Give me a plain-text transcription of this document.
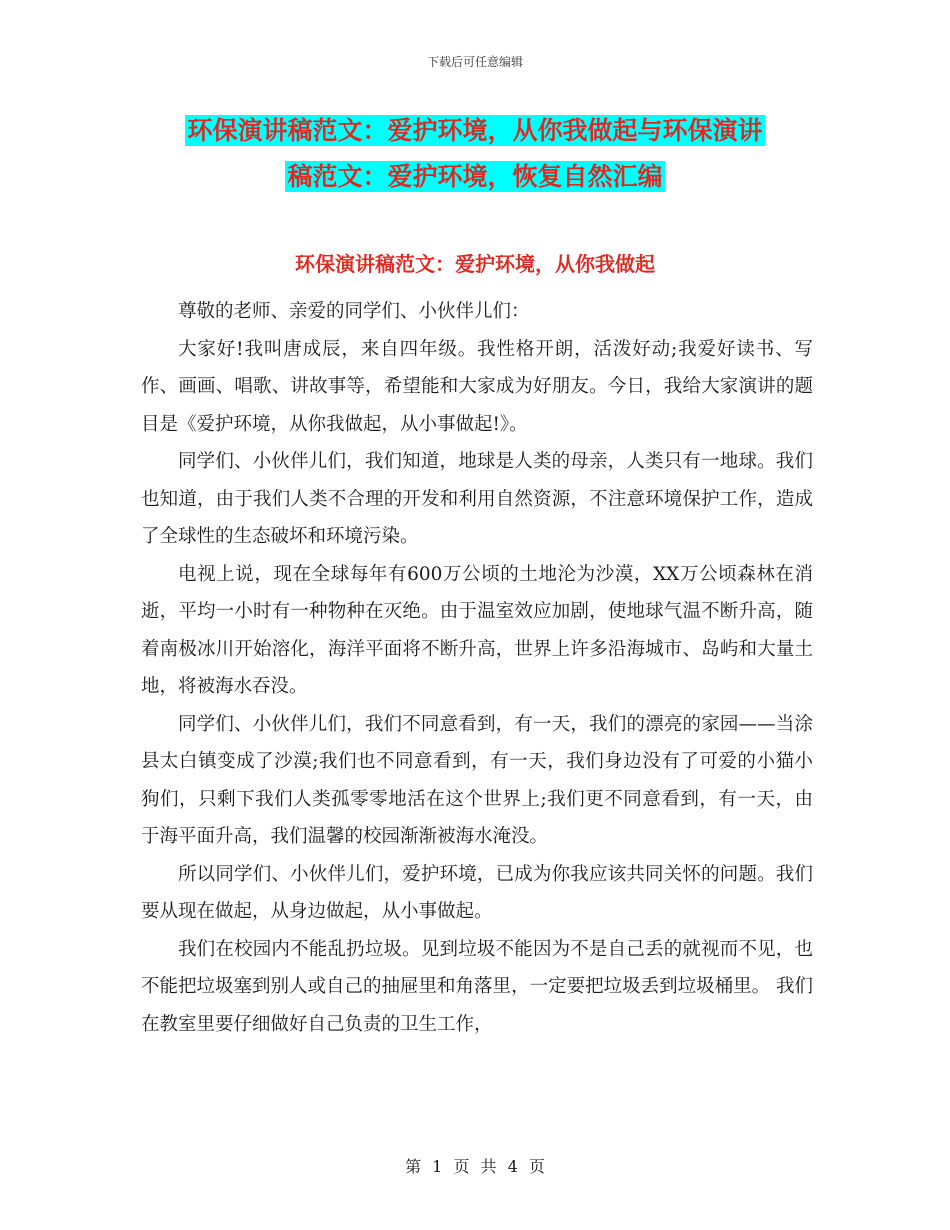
下载后可任意编辑
环保演讲稿范文：爱护环境，从你我做起与环保演讲
稿范文：爱护环境，恢复自然汇编
环保演讲稿范文：爱护环境，从你我做起

尊敬的老师、亲爱的同学们、小伙伴儿们：

大家好!我叫唐成辰，来自四年级。我性格开朗，活泼好动;我爱好读书、写作、画画、唱歌、讲故事等，希望能和大家成为好朋友。今日，我给大家演讲的题目是《爱护环境，从你我做起，从小事做起!》。

同学们、小伙伴儿们，我们知道，地球是人类的母亲，人类只有一地球。我们也知道，由于我们人类不合理的开发和利用自然资源，不注意环境保护工作，造成了全球性的生态破坏和环境污染。

电视上说，现在全球每年有600万公顷的土地沦为沙漠，XX万公顷森林在消逝，平均一小时有一种物种在灭绝。由于温室效应加剧，使地球气温不断升高，随着南极冰川开始溶化，海洋平面将不断升高，世界上许多沿海城市、岛屿和大量土地，将被海水吞没。

同学们、小伙伴儿们，我们不同意看到，有一天，我们的漂亮的家园——当涂县太白镇变成了沙漠;我们也不同意看到，有一天，我们身边没有了可爱的小猫小狗们，只剩下我们人类孤零零地活在这个世界上;我们更不同意看到，有一天，由于海平面升高，我们温馨的校园渐渐被海水淹没。

所以同学们、小伙伴儿们，爱护环境，已成为你我应该共同关怀的问题。我们要从现在做起，从身边做起，从小事做起。

我们在校园内不能乱扔垃圾。见到垃圾不能因为不是自己丢的就视而不见，也不能把垃圾塞到别人或自己的抽屉里和角落里，一定要把垃圾丢到垃圾桶里。 我们在教室里要仔细做好自己负责的卫生工作，

第 1 页 共 4 页
